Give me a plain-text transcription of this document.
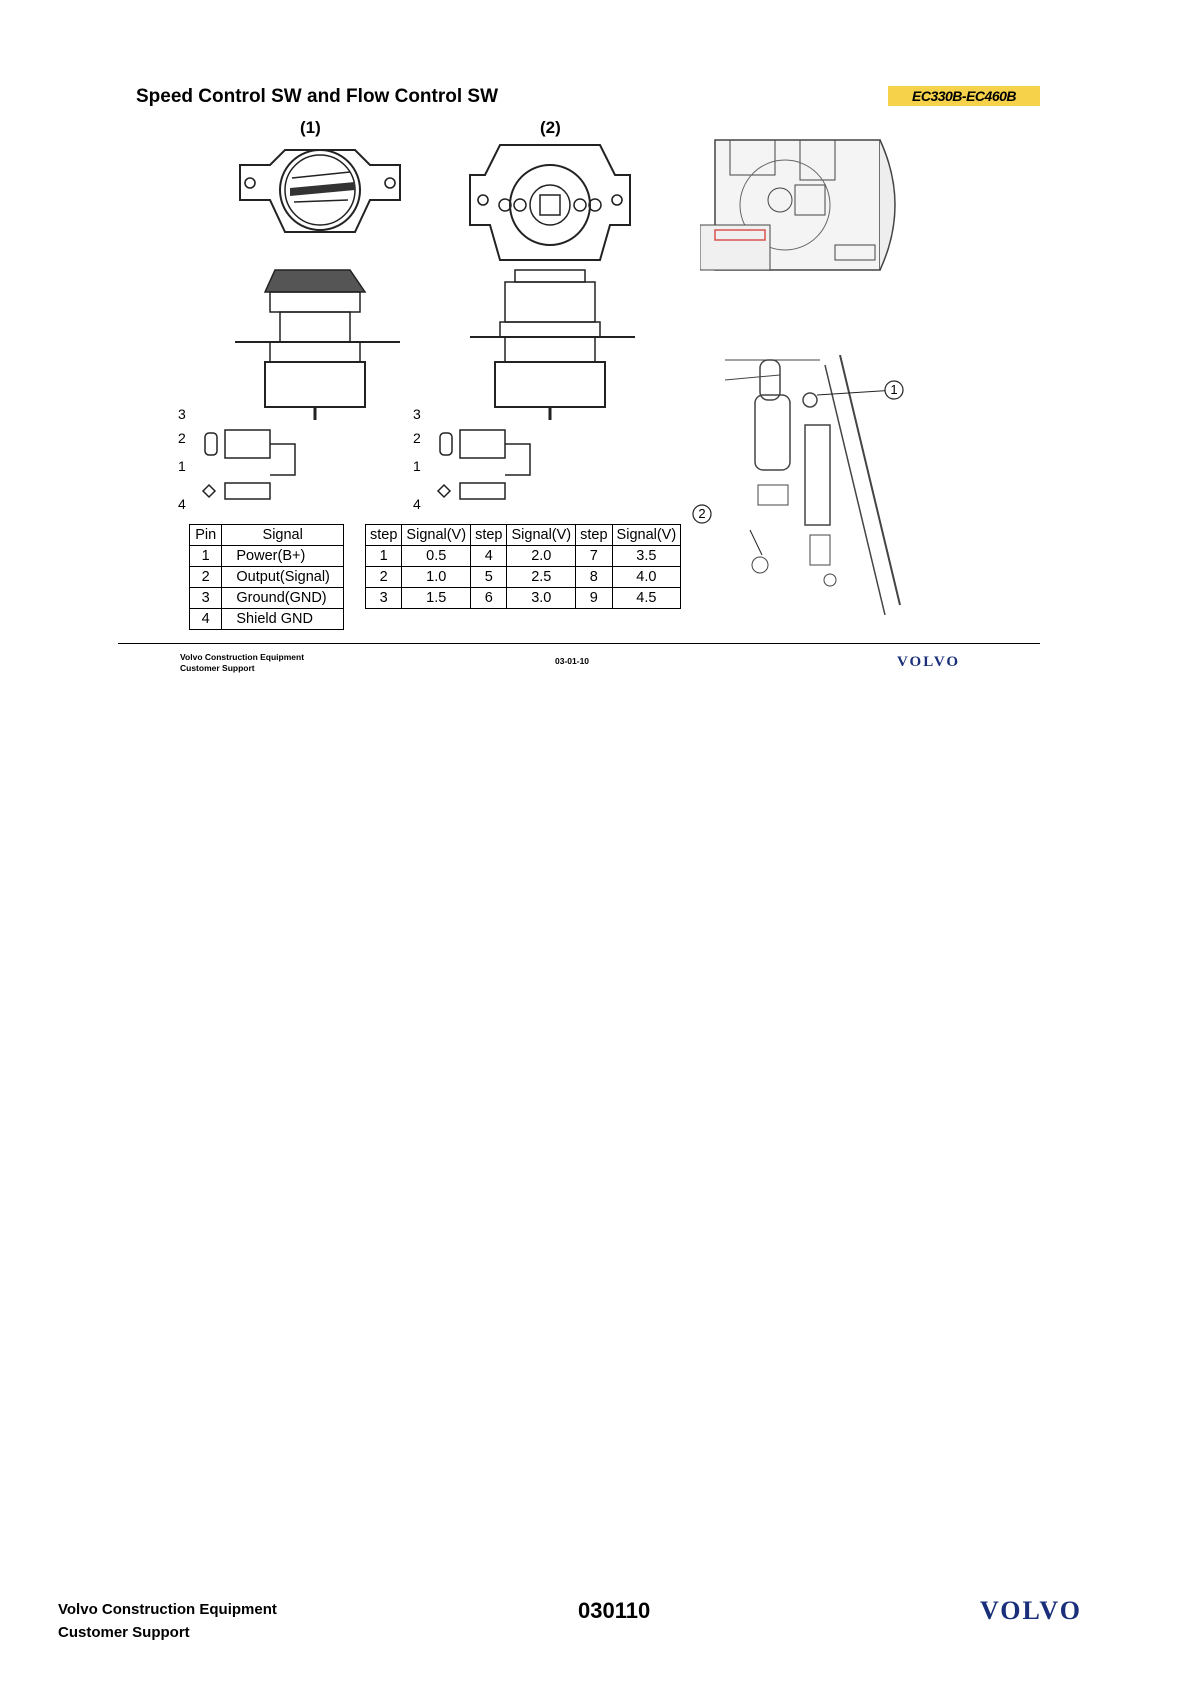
Speed Control SW and Flow Control SW	EC330B-EC460B
(1)	(2)
3
2
1
4
3
2
1
4
1
2
Pin	Signal
1	Power(B+)
2	Output(Signal)
3	Ground(GND)
4	Shield GND
step	Signal(V)	step	Signal(V)	step	Signal(V)
1	0.5	4	2.0	7	3.5
2	1.0	5	2.5	8	4.0
3	1.5	6	3.0	9	4.5
Volvo Construction Equipment
Customer Support
03-01-10	VOLVO
Volvo Construction Equipment
Customer Support
030110	VOLVO
